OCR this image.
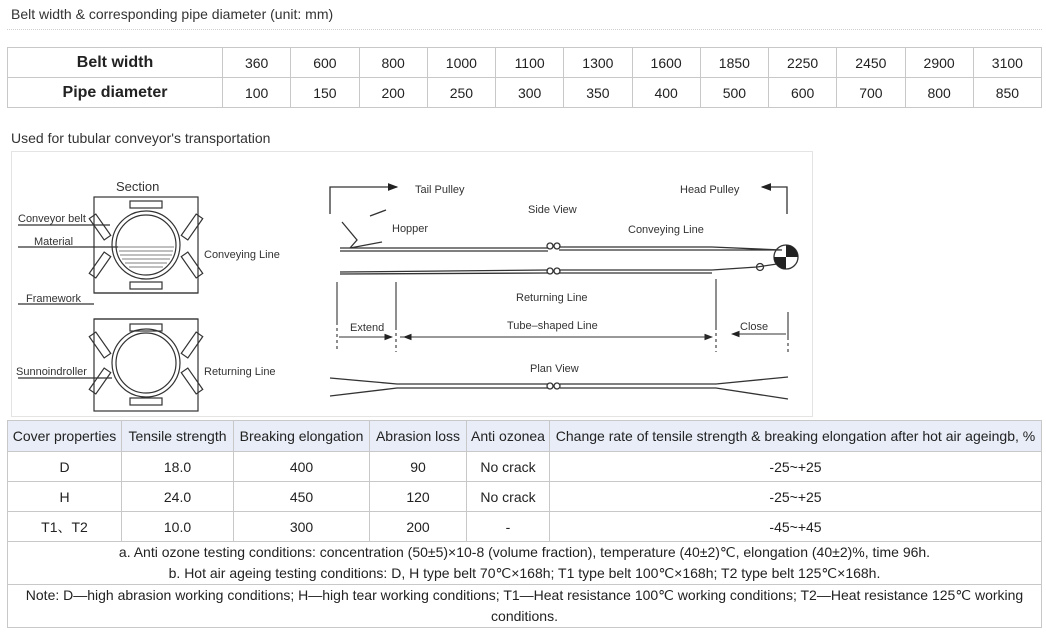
Belt width & corresponding pipe diameter (unit: mm)
Belt width	360	600	800	1000	1100	1300	1600	1850	2250	2450	2900	3100
Pipe diameter	100	150	200	250	300	350	400	500	600	700	800	850
Used for tubular conveyor's transportation
Section
Conveyor belt
Material
Conveying Line
Framework
Sunnoindroller	Returning Line
Tail Pulley	Head Pulley
Side View
Hopper	Conveying Line
Returning Line
Extend	Tube–shaped Line	Close
Plan View
Cover properties	Tensile strength	Breaking elongation	Abrasion loss	Anti ozonea	Change rate of tensile strength & breaking elongation after hot air ageingb, %
D	18.0	400	90	No crack	-25~+25
H	24.0	450	120	No crack	-25~+25
T1、T2	10.0	300	200	-	-45~+45

a. Anti ozone testing conditions: concentration (50±5)×10-8 (volume fraction), temperature (40±2)℃, elongation (40±2)%, time 96h.
b. Hot air ageing testing conditions: D, H type belt 70℃×168h; T1 type belt 100℃×168h; T2 type belt 125℃×168h.					

Note: D—high abrasion working conditions; H—high tear working conditions; T1—Heat resistance 100℃ working conditions; T2—Heat resistance 125℃ working conditions.					
